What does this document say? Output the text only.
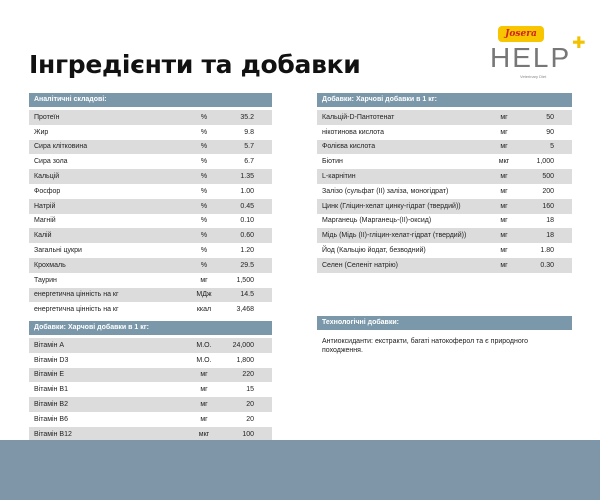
Інгредієнти та добавки
Josera
HELP ✚
Veterinary Diet
Аналітичні складові:
Протеїн	%	35.2
Жир	%	9.8
Сира клітковина	%	5.7
Сира зола	%	6.7
Кальцій	%	1.35
Фосфор	%	1.00
Натрій	%	0.45
Магній	%	0.10
Калій	%	0.60
Загальні цукри	%	1.20
Крохмаль	%	29.5
Таурин	мг	1,500
енергетична цінність на кг	МДж	14.5
енергетична цінність на кг	ккал	3,468
Добавки: Харчові добавки в 1 кг:
Вітамін A	М.О.	24,000
Вітамін D3	М.О.	1,800
Вітамін E	мг	220
Вітамін B1	мг	15
Вітамін B2	мг	20
Вітамін B6	мг	20
Вітамін B12	мкг	100
Добавки: Харчові добавки в 1 кг:
Кальцій-D-Пантотенат	мг	50
нікотинова кислота	мг	90
Фолієва кислота	мг	5
Біотин	мкг	1,000
L-карнітин	мг	500
Залізо (сульфат (II) заліза, моногідрат)	мг	200
Цинк (Гліцин-хелат цинку-гідрат (твердий))	мг	160
Марганець (Марганець-(II)-оксид)	мг	18
Мідь (Мідь (II)-гліцин-хелат-гідрат (твердий))	мг	18
Йод (Кальцію йодат, безводний)	мг	1.80
Селен (Селеніт натрію)	мг	0.30
Технологічні добавки:
Антиоксиданти: екстракти, багаті натокоферол та є природного походження.
